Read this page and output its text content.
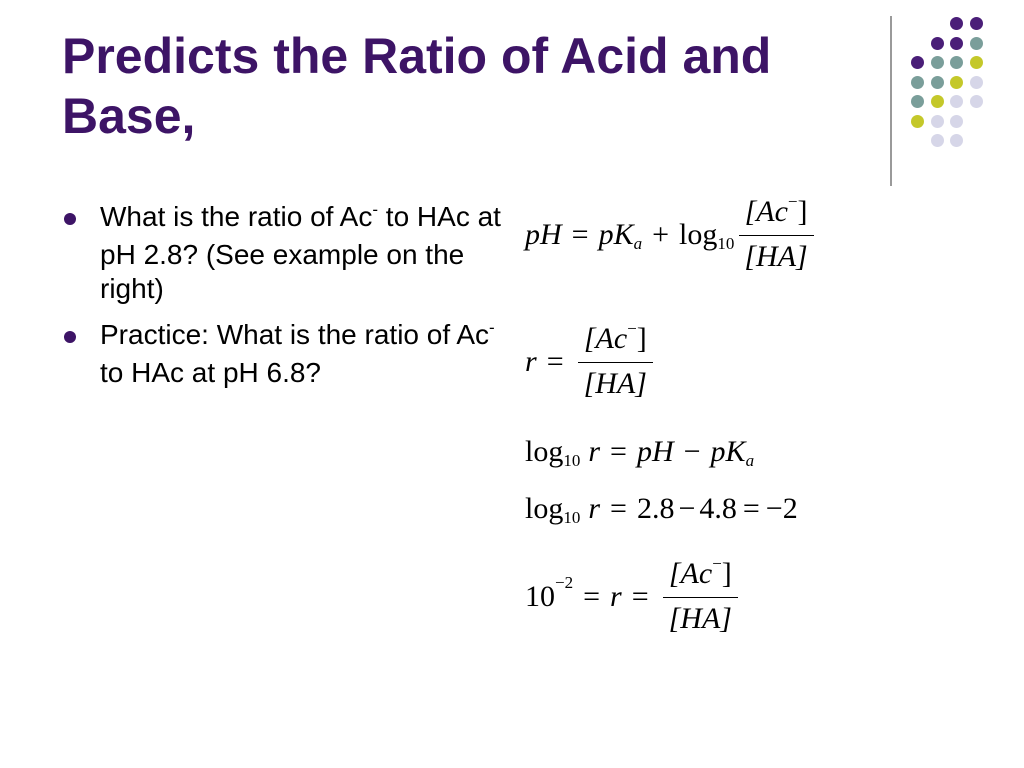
Predicts the Ratio of Acid and Base,
What is the ratio of Ac- to HAc at pH 2.8? (See example on the right)
Practice: What is the ratio of Ac- to HAc at pH 6.8?
pH = pK $a + \log 10 \frac{[Ac^-]}{[HA]}$
$r = \frac{[Ac^-]}{[HA]}$
log 10 r = pH − pK a
log 10 r = 2.8 − 4.8 = −2
$10 -2 = r = \frac{[Ac^-]}{[HA]}$
